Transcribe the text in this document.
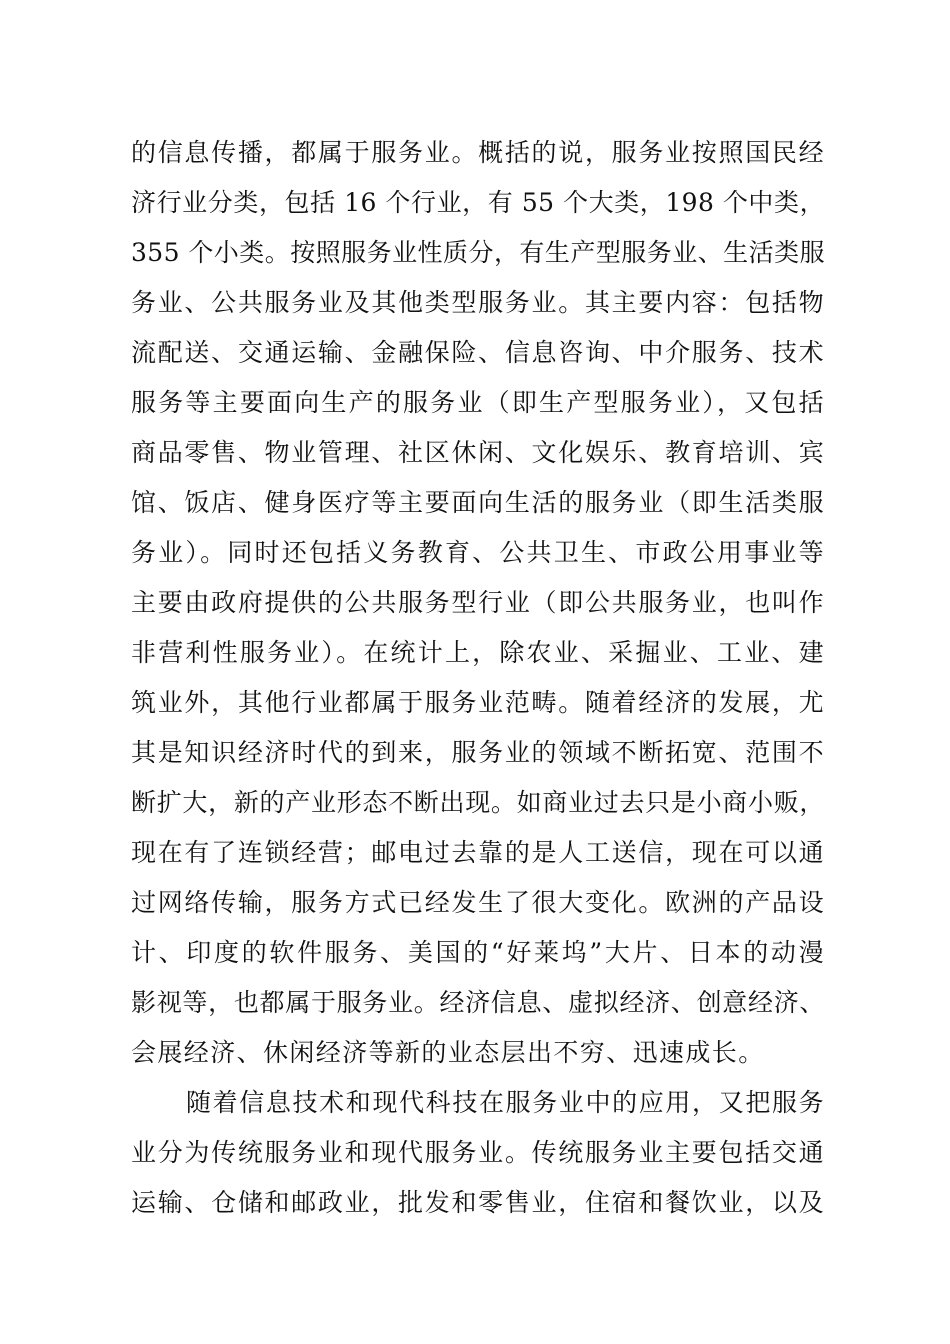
的信息传播，都属于服务业。概括的说，服务业按照国民经
济行业分类，包括 16 个行业，有 55 个大类，198 个中类，
355 个小类。按照服务业性质分，有生产型服务业、生活类服
务业、公共服务业及其他类型服务业。其主要内容：包括物
流配送、交通运输、金融保险、信息咨询、中介服务、技术
服务等主要面向生产的服务业（即生产型服务业），又包括
商品零售、物业管理、社区休闲、文化娱乐、教育培训、宾
馆、饭店、健身医疗等主要面向生活的服务业（即生活类服
务业）。同时还包括义务教育、公共卫生、市政公用事业等
主要由政府提供的公共服务型行业（即公共服务业，也叫作
非营利性服务业）。在统计上，除农业、采掘业、工业、建
筑业外，其他行业都属于服务业范畴。随着经济的发展，尤
其是知识经济时代的到来，服务业的领域不断拓宽、范围不
断扩大，新的产业形态不断出现。如商业过去只是小商小贩，
现在有了连锁经营；邮电过去靠的是人工送信，现在可以通
过网络传输，服务方式已经发生了很大变化。欧洲的产品设
计、印度的软件服务、美国的“好莱坞”大片、日本的动漫
影视等，也都属于服务业。经济信息、虚拟经济、创意经济、
会展经济、休闲经济等新的业态层出不穷、迅速成长。
随着信息技术和现代科技在服务业中的应用，又把服务
业分为传统服务业和现代服务业。传统服务业主要包括交通
运输、仓储和邮政业，批发和零售业，住宿和餐饮业，以及
